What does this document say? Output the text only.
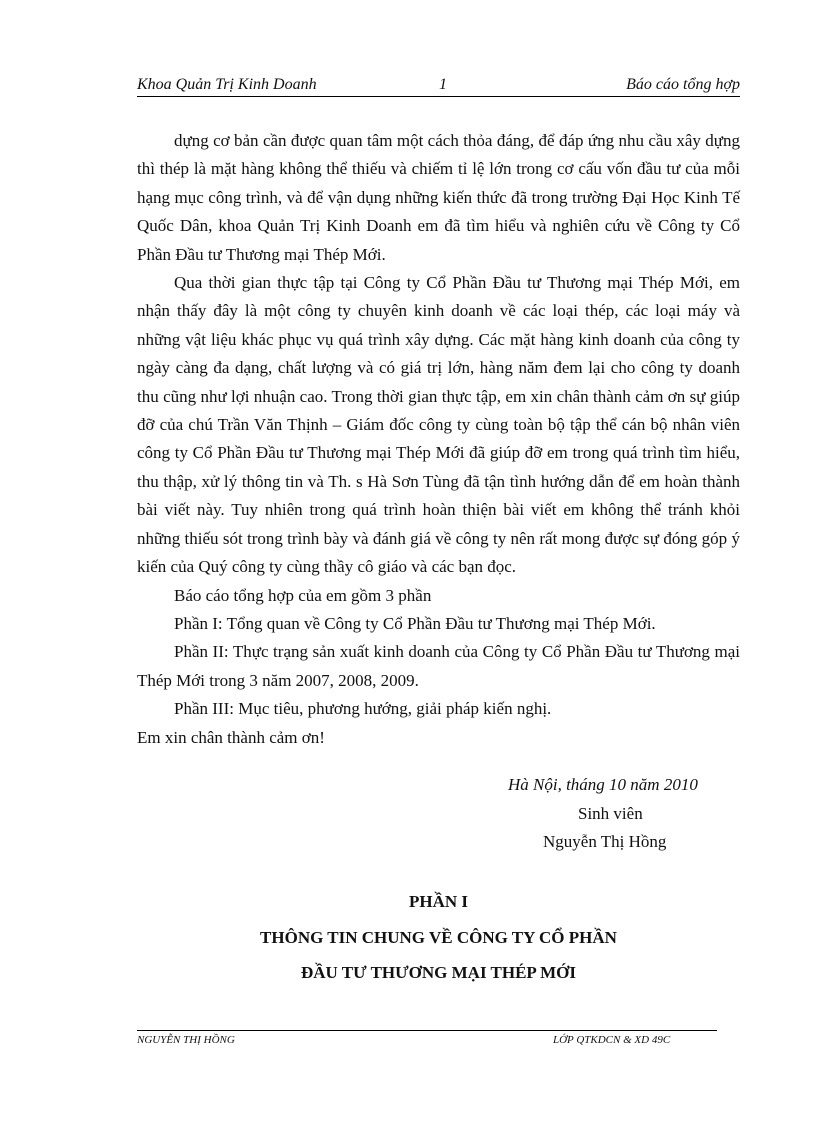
Khoa Quản Trị Kinh Doanh	1	Báo cáo tổng hợp

dựng cơ bản cần được quan tâm một cách thỏa đáng, để đáp ứng nhu cầu xây dựng thì thép là mặt hàng không thể thiếu và chiếm tỉ lệ lớn trong cơ cấu vốn đầu tư của mỗi hạng mục công trình, và để vận dụng những kiến thức đã trong trường Đại Học Kinh Tế Quốc Dân, khoa Quản Trị Kinh Doanh em đã tìm hiểu và nghiên cứu về Công ty Cổ Phần Đầu tư Thương mại Thép Mới.

Qua thời gian thực tập tại Công ty Cổ Phần Đầu tư Thương mại Thép Mới, em nhận thấy đây là một công ty chuyên kinh doanh về các loại thép, các loại máy và những vật liệu khác phục vụ quá trình xây dựng. Các mặt hàng kinh doanh của công ty ngày càng đa dạng, chất lượng và có giá trị lớn, hàng năm đem lại cho công ty doanh thu cũng như lợi nhuận cao. Trong thời gian thực tập, em xin chân thành cảm ơn sự giúp đỡ của chú Trần Văn Thịnh – Giám đốc công ty cùng toàn bộ tập thể cán bộ nhân viên công ty Cổ Phần Đầu tư Thương mại Thép Mới đã giúp đỡ em trong quá trình tìm hiểu, thu thập, xử lý thông tin và Th. s Hà Sơn Tùng đã tận tình hướng dẫn để em hoàn thành bài viết này. Tuy nhiên trong quá trình hoàn thiện bài viết em không thể tránh khỏi những thiếu sót trong trình bày và đánh giá về công ty nên rất mong được sự đóng góp ý kiến của Quý công ty cùng thầy cô giáo và các bạn đọc.

Báo cáo tổng hợp của em gồm 3 phần

Phần I: Tổng quan về Công ty Cổ Phần Đầu tư Thương mại Thép Mới.

Phần II: Thực trạng sản xuất kinh doanh của Công ty Cổ Phần Đầu tư Thương mại Thép Mới trong 3 năm 2007, 2008, 2009.

Phần III: Mục tiêu, phương hướng, giải pháp kiến nghị.

Em xin chân thành cảm ơn!

Hà Nội, tháng 10 năm 2010
Sinh viên
Nguyễn Thị Hồng
PHẦN I
THÔNG TIN CHUNG VỀ CÔNG TY CỔ PHẦN
ĐẦU TƯ THƯƠNG MẠI THÉP MỚI
NGUYỄN THỊ HỒNG	LỚP QTKDCN & XD 49C
